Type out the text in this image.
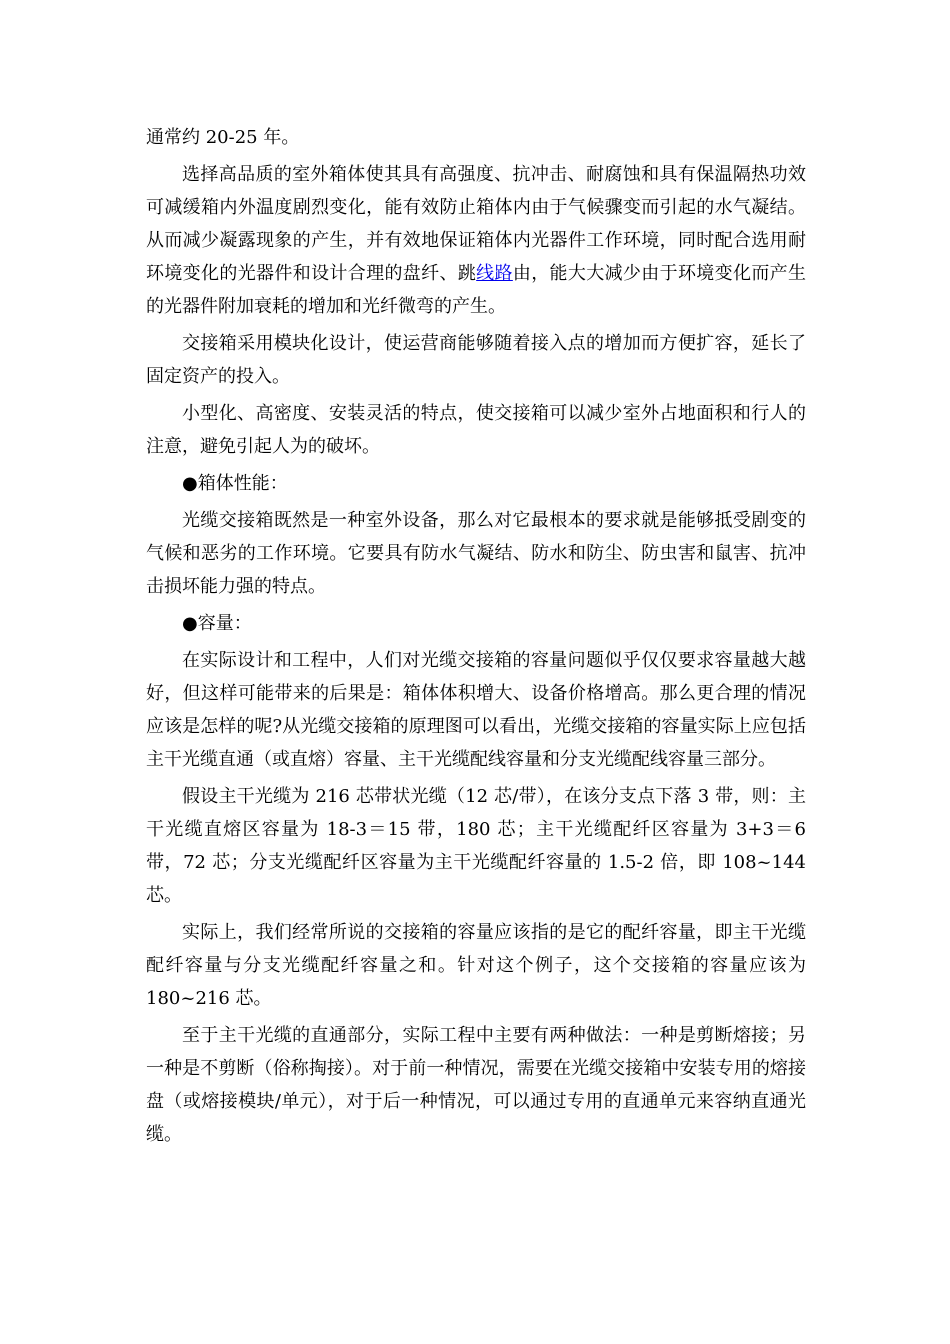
通常约 20-25 年。

选择高品质的室外箱体使其具有高强度、抗冲击、耐腐蚀和具有保温隔热功效可减缓箱内外温度剧烈变化，能有效防止箱体内由于气候骤变而引起的水气凝结。从而减少凝露现象的产生，并有效地保证箱体内光器件工作环境，同时配合选用耐环境变化的光器件和设计合理的盘纤、跳线路由，能大大减少由于环境变化而产生的光器件附加衰耗的增加和光纤微弯的产生。

交接箱采用模块化设计，使运营商能够随着接入点的增加而方便扩容，延长了固定资产的投入。

小型化、高密度、安装灵活的特点，使交接箱可以减少室外占地面积和行人的注意，避免引起人为的破坏。

●箱体性能：

光缆交接箱既然是一种室外设备，那么对它最根本的要求就是能够抵受剧变的气候和恶劣的工作环境。它要具有防水气凝结、防水和防尘、防虫害和鼠害、抗冲击损坏能力强的特点。

●容量：

在实际设计和工程中，人们对光缆交接箱的容量问题似乎仅仅要求容量越大越好，但这样可能带来的后果是：箱体体积增大、设备价格增高。那么更合理的情况应该是怎样的呢?从光缆交接箱的原理图可以看出，光缆交接箱的容量实际上应包括主干光缆直通（或直熔）容量、主干光缆配线容量和分支光缆配线容量三部分。

假设主干光缆为 216 芯带状光缆（12 芯/带），在该分支点下落 3 带，则：主干光缆直熔区容量为 18-3＝15 带，180 芯；主干光缆配纤区容量为 3+3＝6 带，72 芯；分支光缆配纤区容量为主干光缆配纤容量的 1.5-2 倍，即 108~144 芯。

实际上，我们经常所说的交接箱的容量应该指的是它的配纤容量，即主干光缆配纤容量与分支光缆配纤容量之和。针对这个例子，这个交接箱的容量应该为 180~216 芯。

至于主干光缆的直通部分，实际工程中主要有两种做法：一种是剪断熔接；另一种是不剪断（俗称掏接）。对于前一种情况，需要在光缆交接箱中安装专用的熔接盘（或熔接模块/单元），对于后一种情况，可以通过专用的直通单元来容纳直通光缆。
